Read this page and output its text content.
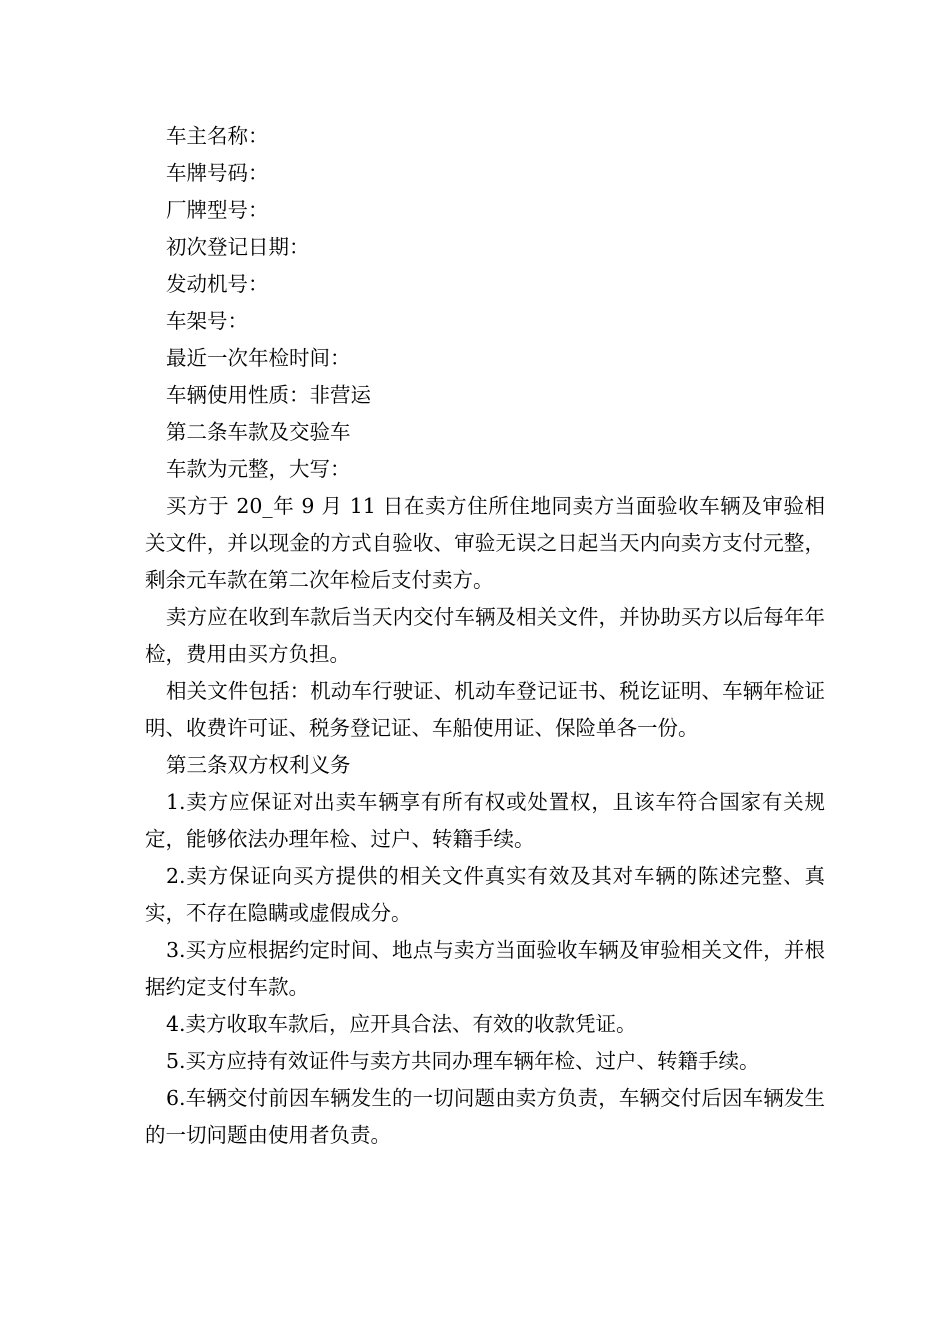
车主名称：

车牌号码：

厂牌型号：

初次登记日期：

发动机号：

车架号：

最近一次年检时间：

车辆使用性质：非营运

第二条车款及交验车

车款为元整，大写：

买方于 20_年 9 月 11 日在卖方住所住地同卖方当面验收车辆及审验相关文件，并以现金的方式自验收、审验无误之日起当天内向卖方支付元整，剩余元车款在第二次年检后支付卖方。

卖方应在收到车款后当天内交付车辆及相关文件，并协助买方以后每年年检，费用由买方负担。

相关文件包括：机动车行驶证、机动车登记证书、税讫证明、车辆年检证明、收费许可证、税务登记证、车船使用证、保险单各一份。

第三条双方权利义务

1.卖方应保证对出卖车辆享有所有权或处置权，且该车符合国家有关规定，能够依法办理年检、过户、转籍手续。

2.卖方保证向买方提供的相关文件真实有效及其对车辆的陈述完整、真实，不存在隐瞒或虚假成分。

3.买方应根据约定时间、地点与卖方当面验收车辆及审验相关文件，并根据约定支付车款。

4.卖方收取车款后，应开具合法、有效的收款凭证。

5.买方应持有效证件与卖方共同办理车辆年检、过户、转籍手续。

6.车辆交付前因车辆发生的一切问题由卖方负责，车辆交付后因车辆发生的一切问题由使用者负责。
